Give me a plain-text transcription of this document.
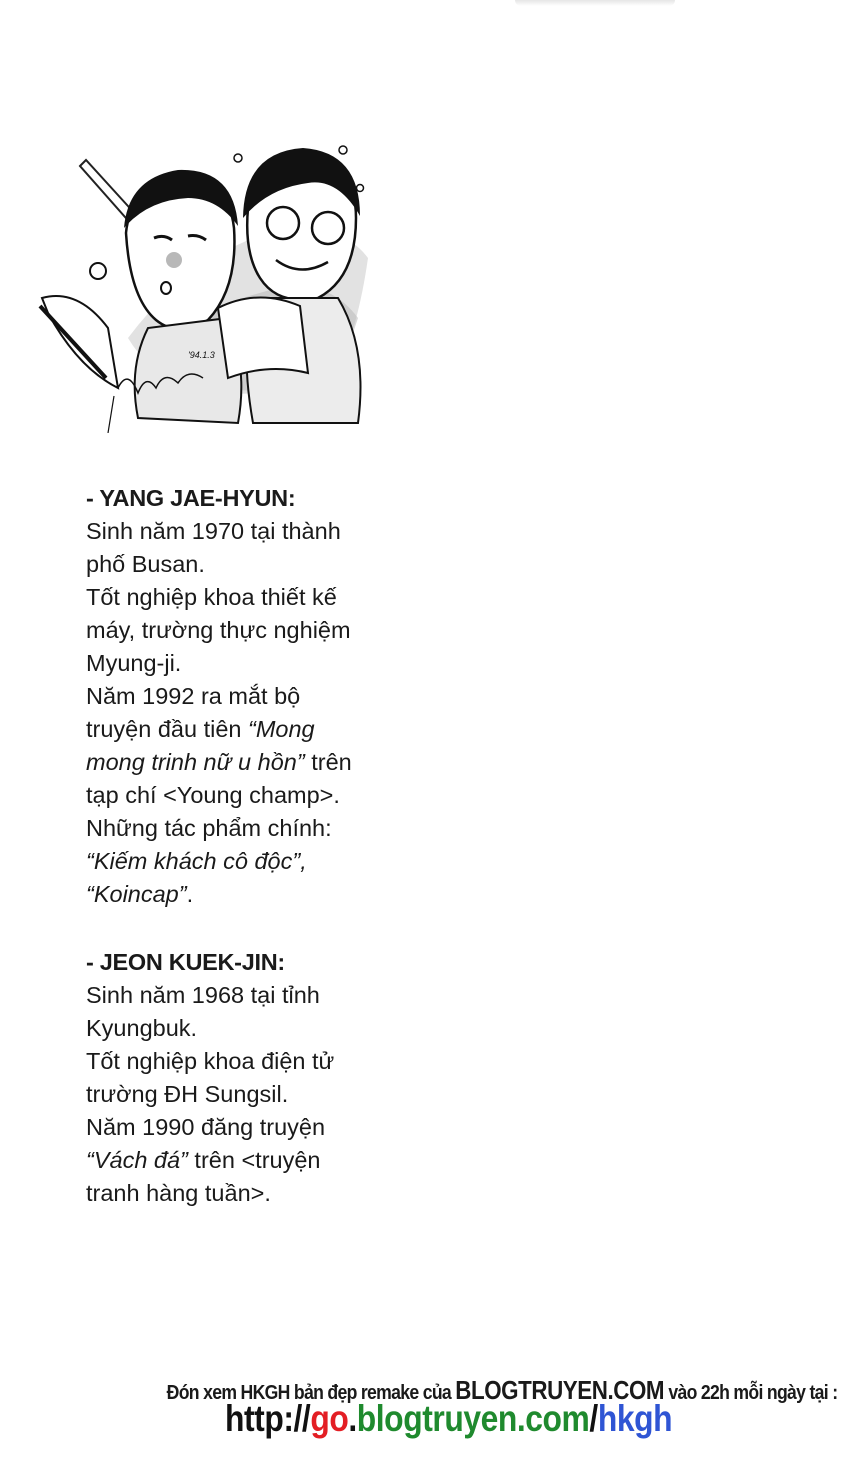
'94.1.3
- YANG JAE-HYUN:
Sinh năm 1970 tại thành
phố Busan.
Tốt nghiệp khoa thiết kế
máy, trường thực nghiệm
Myung-ji.
Năm 1992 ra mắt bộ
truyện đầu tiên “Mong
mong trinh nữ u hồn” trên
tạp chí <Young champ>.
Những tác phẩm chính:
“Kiếm khách cô độc”,
“Koincap”.
- JEON KUEK-JIN:
Sinh năm 1968 tại tỉnh
Kyungbuk.
Tốt nghiệp khoa điện tử
trường ĐH Sungsil.
Năm 1990 đăng truyện
“Vách đá” trên <truyện
tranh hàng tuần>.
Đón xem HKGH bản đẹp remake của BLOGTRUYEN.COM vào 22h mỗi ngày tại :
http://go.blogtruyen.com/hkgh
